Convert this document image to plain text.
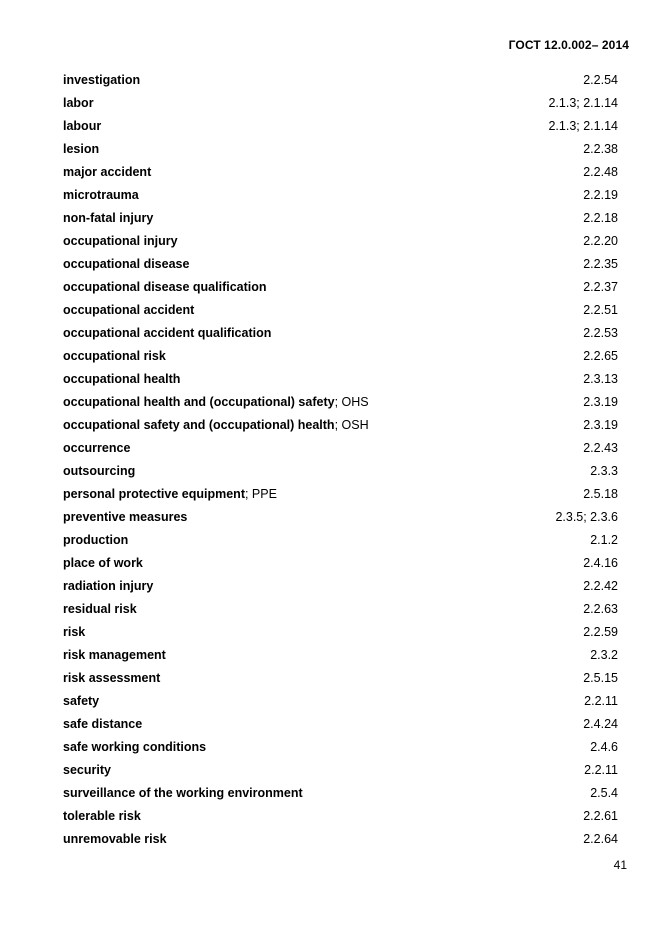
ГОСТ 12.0.002– 2014
investigation	2.2.54
labor	2.1.3; 2.1.14
labour	2.1.3; 2.1.14
lesion	2.2.38
major accident	2.2.48
microtrauma	2.2.19
non-fatal injury	2.2.18
occupational injury	2.2.20
occupational disease	2.2.35
occupational disease qualification	2.2.37
occupational accident	2.2.51
occupational accident qualification	2.2.53
occupational risk	2.2.65
occupational health	2.3.13
occupational health and (occupational) safety; OHS	2.3.19
occupational safety and (occupational) health; OSH	2.3.19
occurrence	2.2.43
outsourcing	2.3.3
personal protective equipment; PPE	2.5.18
preventive measures	2.3.5; 2.3.6
production	2.1.2
place of work	2.4.16
radiation injury	2.2.42
residual risk	2.2.63
risk	2.2.59
risk management	2.3.2
risk assessment	2.5.15
safety	2.2.11
safe distance	2.4.24
safe working conditions	2.4.6
security	2.2.11
surveillance of the working environment	2.5.4
tolerable risk	2.2.61
unremovable risk	2.2.64
41
